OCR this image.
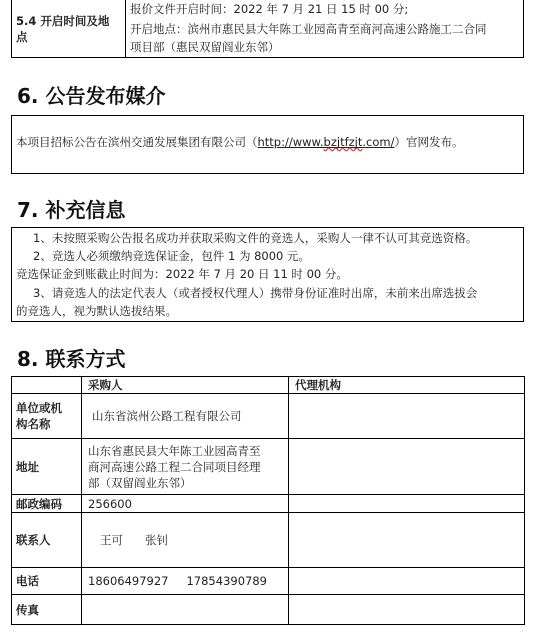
5.4 开启时间及地点
报价文件开启时间：2022 年 7 月 21 日 15 时 00 分;
开启地点：滨州市惠民县大年陈工业园高青至商河高速公路施工二合同
项目部（惠民双留阎业东邻）
6. 公告发布媒介
本项目招标公告在滨州交通发展集团有限公司（http://www.bzjtfzjt.com/）官网发布。
7. 补充信息
1、未按照采购公告报名成功并获取采购文件的竞选人，采购人一律不认可其竞选资格。
2、竞选人必须缴纳竞选保证金，包件 1 为 8000 元。
竞选保证金到账截止时间为：2022 年 7 月 20 日 11 时 00 分。
3、请竞选人的法定代表人（或者授权代理人）携带身份证准时出席，未前来出席选拔会
的竞选人，视为默认选拔结果。
8. 联系方式
	采购人	代理机构
单位或机
构名称	山东省滨州公路工程有限公司	
地址	山东省惠民县大年陈工业园高青至
商河高速公路工程二合同项目经理
部（双留阎业东邻）	
邮政编码	256600	
联系人	王可 张钊	
电话	18606497927 17854390789	
传真		
